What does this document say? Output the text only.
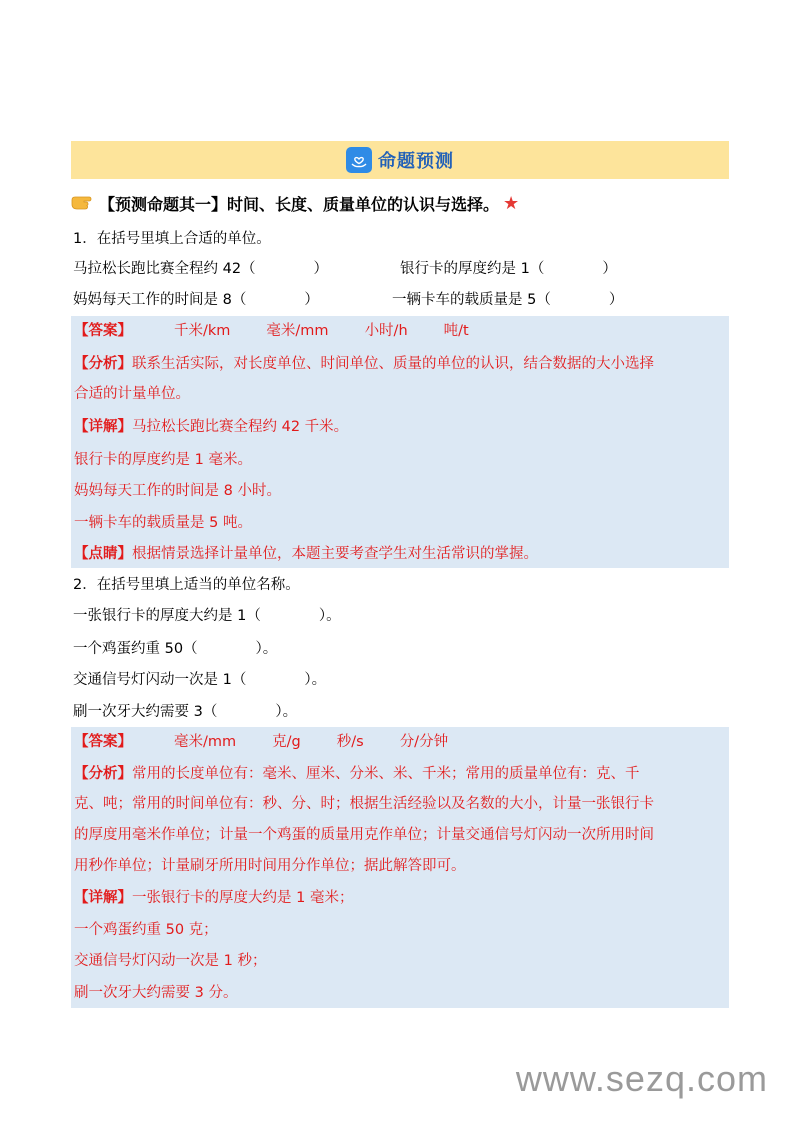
命题预测
【预测命题其一】时间、长度、质量单位的认识与选择。 ★
1．在括号里填上合适的单位。
马拉松长跑比赛全程约 42（　　　　）	银行卡的厚度约是 1（　　　　）
妈妈每天工作的时间是 8（　　　　）	一辆卡车的载质量是 5（　　　　）
【答案】	千米/km 毫米/mm 小时/h 吨/t
【分析】联系生活实际，对长度单位、时间单位、质量的单位的认识，结合数据的大小选择
合适的计量单位。
【详解】马拉松长跑比赛全程约 42 千米。
银行卡的厚度约是 1 毫米。
妈妈每天工作的时间是 8 小时。
一辆卡车的载质量是 5 吨。
【点睛】根据情景选择计量单位，本题主要考查学生对生活常识的掌握。
2．在括号里填上适当的单位名称。
一张银行卡的厚度大约是 1（　　　　）。
一个鸡蛋约重 50（　　　　）。
交通信号灯闪动一次是 1（　　　　）。
刷一次牙大约需要 3（　　　　）。
【答案】	毫米/mm 克/g 秒/s 分/分钟
【分析】常用的长度单位有：毫米、厘米、分米、米、千米；常用的质量单位有：克、千
克、吨；常用的时间单位有：秒、分、时；根据生活经验以及名数的大小，计量一张银行卡
的厚度用毫米作单位；计量一个鸡蛋的质量用克作单位；计量交通信号灯闪动一次所用时间
用秒作单位；计量刷牙所用时间用分作单位；据此解答即可。
【详解】一张银行卡的厚度大约是 1 毫米；
一个鸡蛋约重 50 克；
交通信号灯闪动一次是 1 秒；
刷一次牙大约需要 3 分。
www.sezq.com
